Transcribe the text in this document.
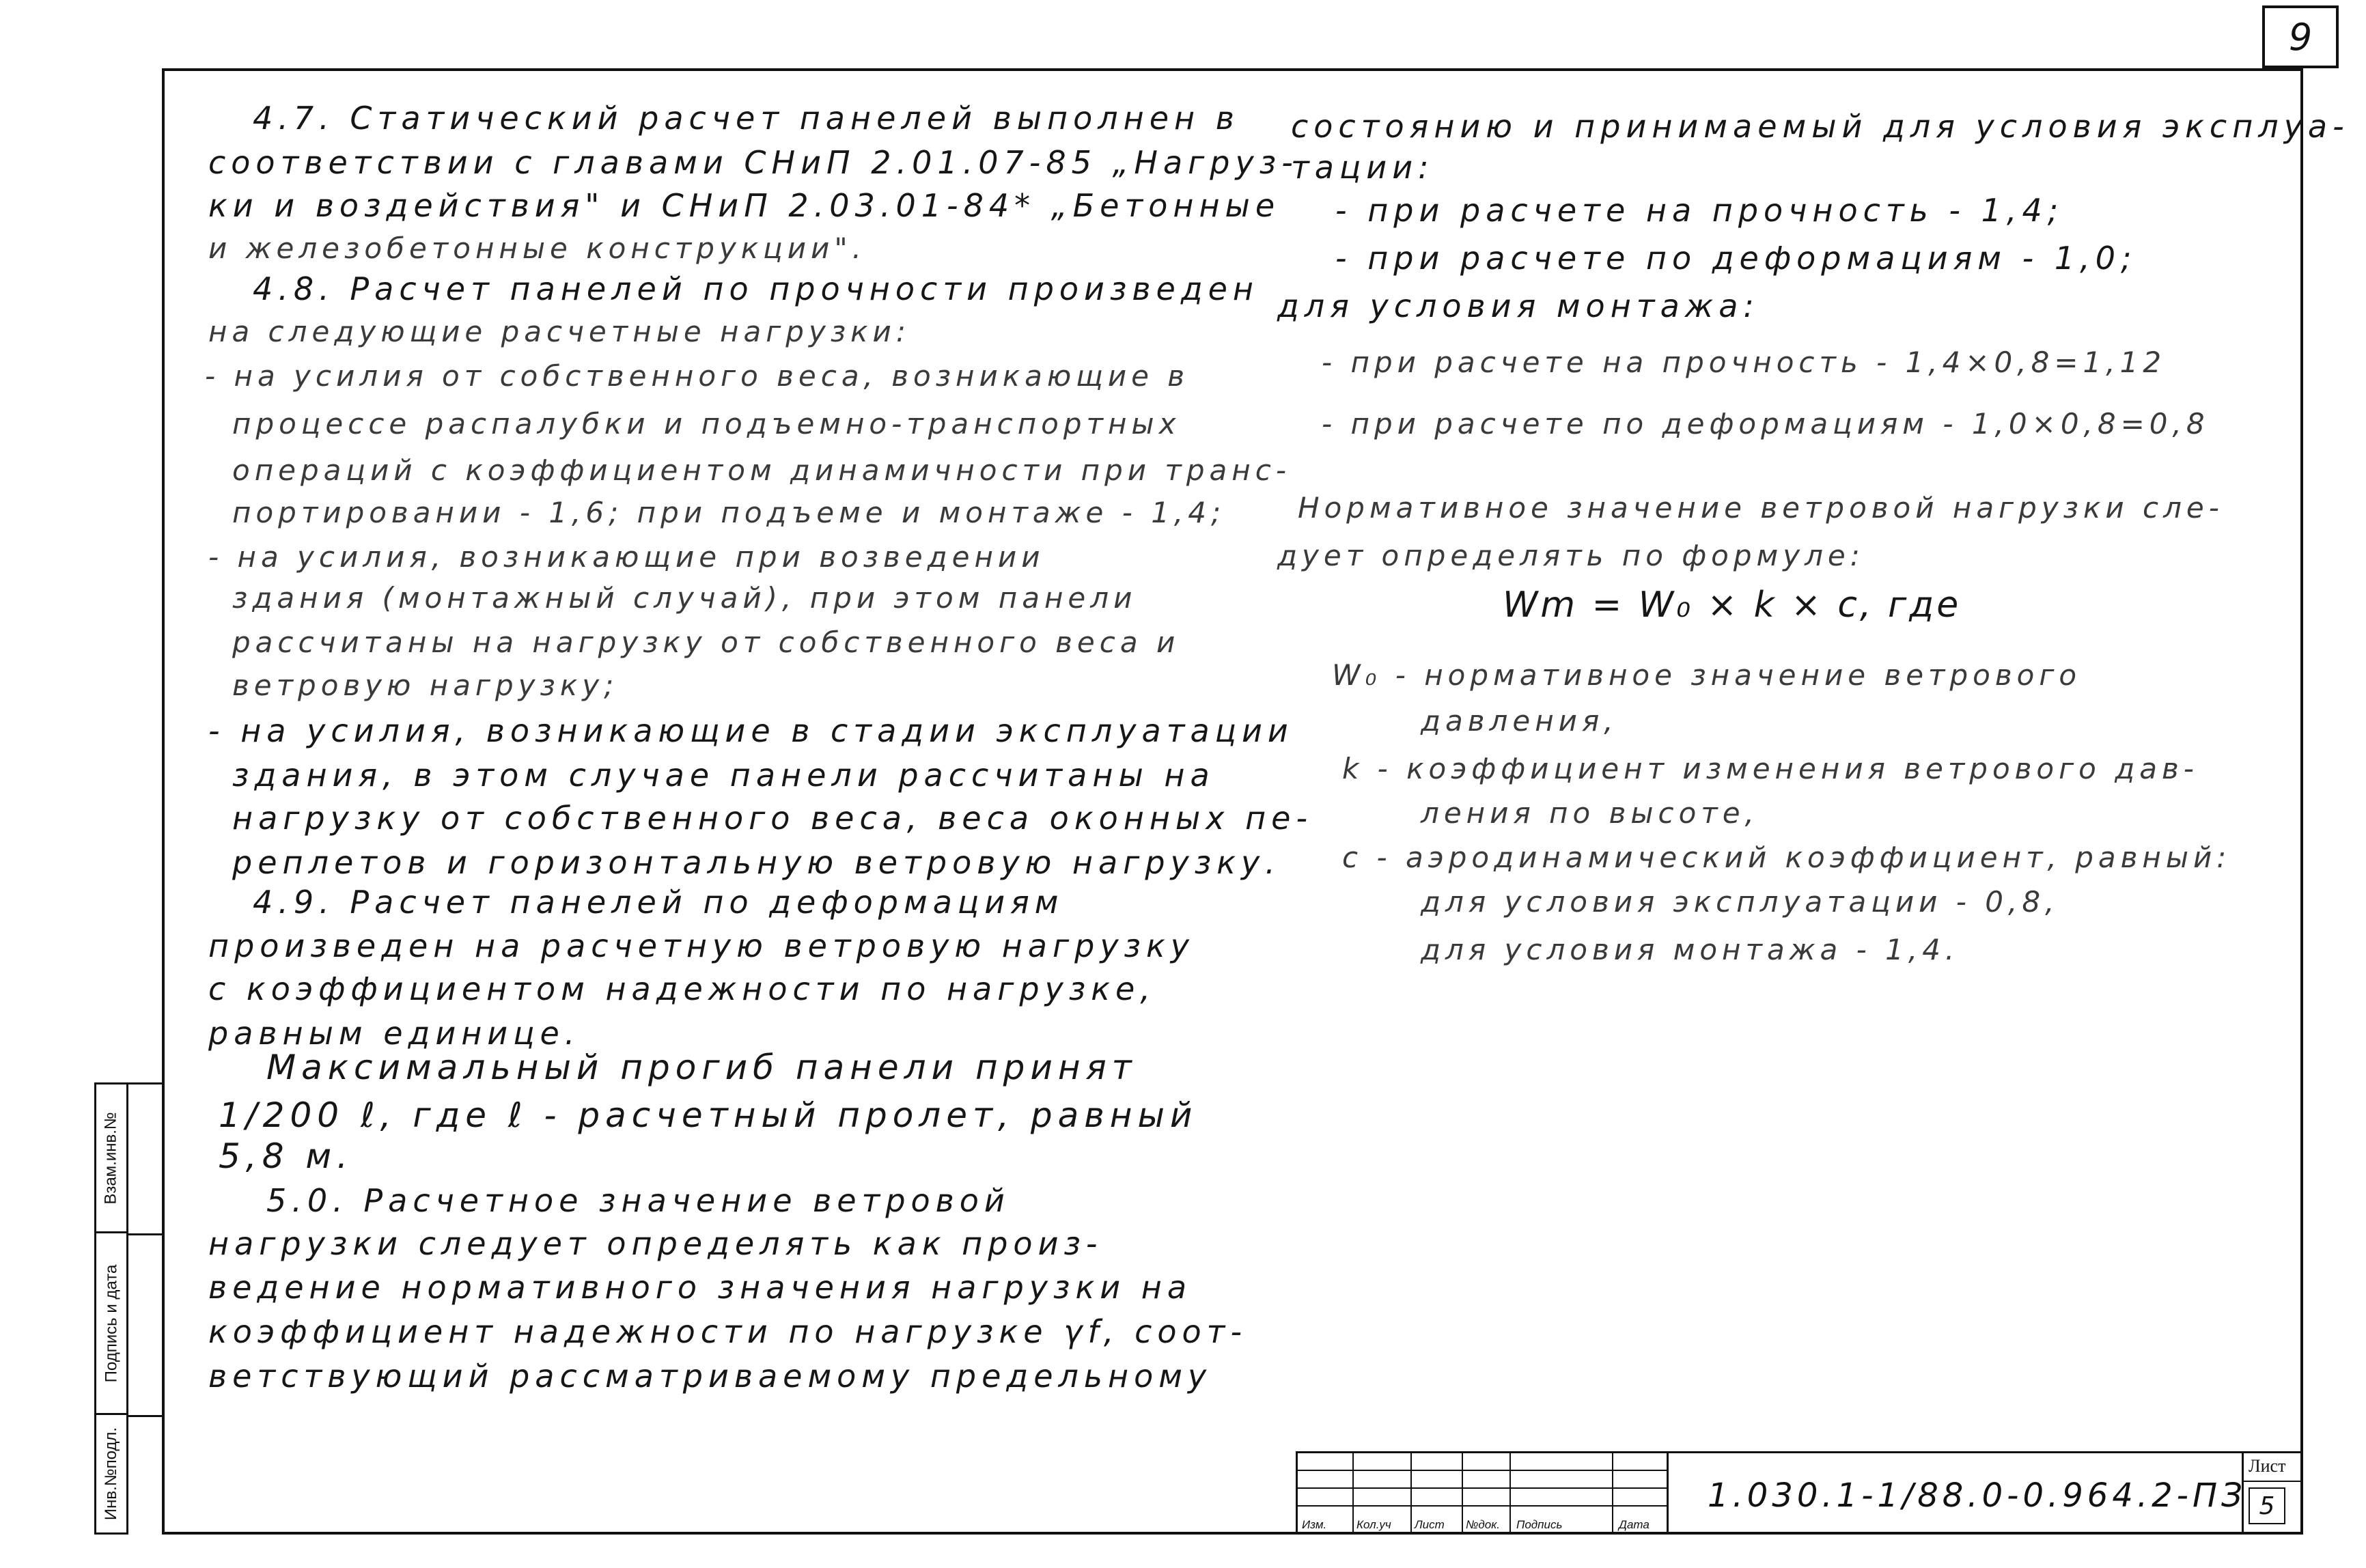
9
Взам.инв.№
Подпись и дата
Инв.№подл.
4.7. Статический расчет панелей выполнен в
соответствии с главами СНиП 2.01.07-85 „Нагруз-
ки и воздействия" и СНиП 2.03.01-84* „Бетонные
и железобетонные конструкции".
4.8. Расчет панелей по прочности произведен
на следующие расчетные нагрузки:
- на усилия от собственного веса, возникающие в
процессе распалубки и подъемно-транспортных
операций с коэффициентом динамичности при транс-
портировании - 1,6; при подъеме и монтаже - 1,4;
- на усилия, возникающие при возведении
здания (монтажный случай), при этом панели
рассчитаны на нагрузку от собственного веса и
ветровую нагрузку;
- на усилия, возникающие в стадии эксплуатации
здания, в этом случае панели рассчитаны на
нагрузку от собственного веса, веса оконных пе-
реплетов и горизонтальную ветровую нагрузку.
4.9. Расчет панелей по деформациям
произведен на расчетную ветровую нагрузку
с коэффициентом надежности по нагрузке,
равным единице.
Максимальный прогиб панели принят
1/200 ℓ, где ℓ - расчетный пролет, равный
5,8 м.
5.0. Расчетное значение ветровой
нагрузки следует определять как произ-
ведение нормативного значения нагрузки на
коэффициент надежности по нагрузке γf, соот-
ветствующий рассматриваемому предельному
состоянию и принимаемый для условия эксплуа-
тации:
- при расчете на прочность - 1,4;
- при расчете по деформациям - 1,0;
для условия монтажа:
- при расчете на прочность - 1,4×0,8=1,12
- при расчете по деформациям - 1,0×0,8=0,8
Нормативное значение ветровой нагрузки сле-
дует определять по формуле:
Wm = W₀ × k × c, где
W₀ - нормативное значение ветрового
давления,
k - коэффициент изменения ветрового дав-
ления по высоте,
c - аэродинамический коэффициент, равный:
для условия эксплуатации - 0,8,
для условия монтажа - 1,4.
Изм.	Кол.уч Лист №док. Подпись	Дата
1.030.1-1/88.0-0.964.2-ПЗ
Лист
5
